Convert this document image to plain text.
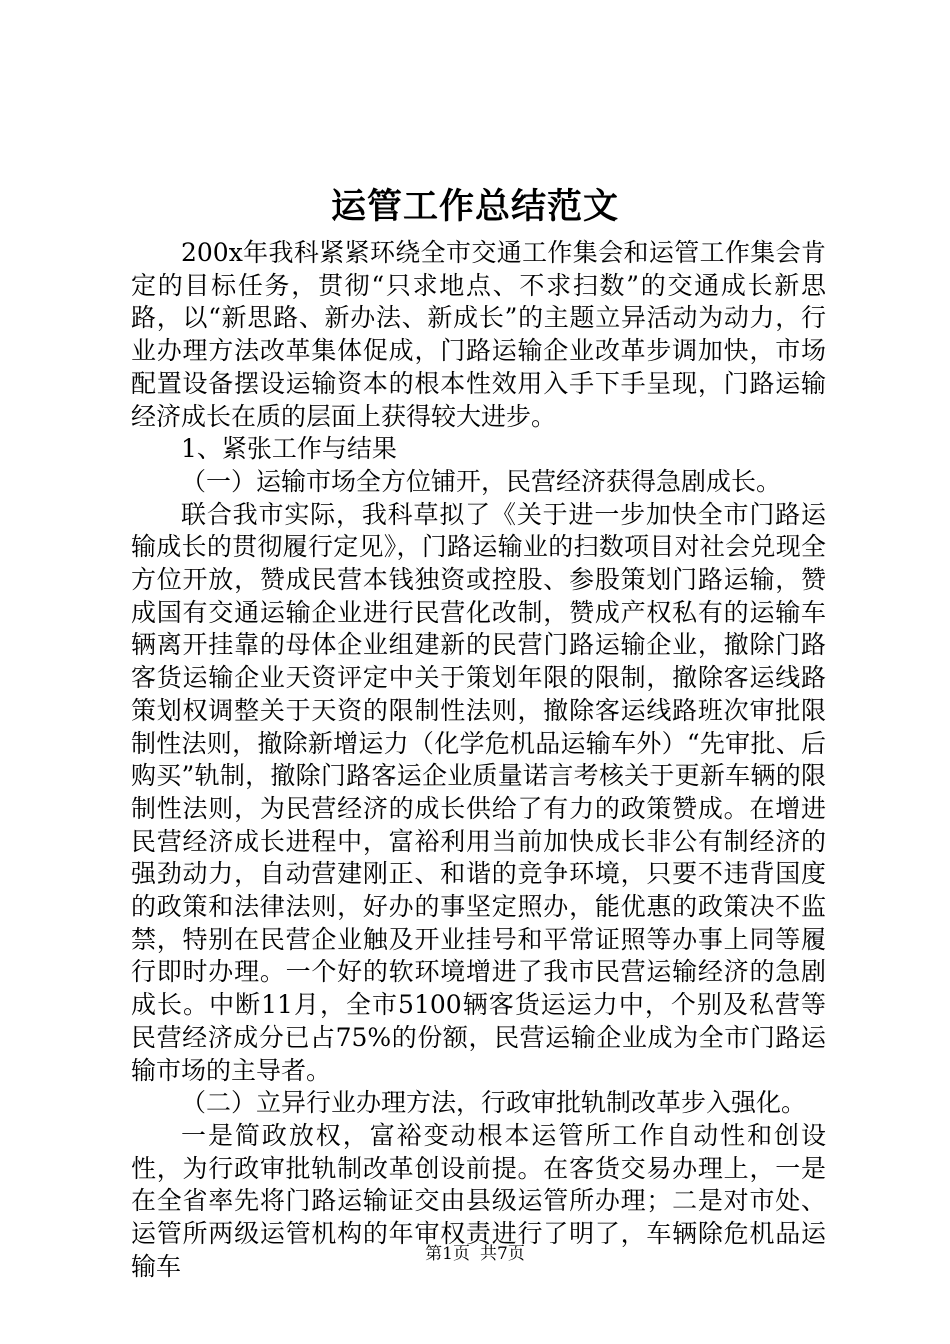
运管工作总结范文

200x年我科紧紧环绕全市交通工作集会和运管工作集会肯定的目标任务，贯彻“只求地点、不求扫数”的交通成长新思路，以“新思路、新办法、新成长”的主题立异活动为动力，行业办理方法改革集体促成，门路运输企业改革步调加快，市场配置设备摆设运输资本的根本性效用入手下手呈现，门路运输经济成长在质的层面上获得较大进步。

1、紧张工作与结果

（一）运输市场全方位铺开，民营经济获得急剧成长。

联合我市实际，我科草拟了《关于进一步加快全市门路运输成长的贯彻履行定见》，门路运输业的扫数项目对社会兑现全方位开放，赞成民营本钱独资或控股、参股策划门路运输，赞成国有交通运输企业进行民营化改制，赞成产权私有的运输车辆离开挂靠的母体企业组建新的民营门路运输企业，撤除门路客货运输企业天资评定中关于策划年限的限制，撤除客运线路策划权调整关于天资的限制性法则，撤除客运线路班次审批限制性法则，撤除新增运力（化学危机品运输车外）“先审批、后购买”轨制，撤除门路客运企业质量诺言考核关于更新车辆的限制性法则，为民营经济的成长供给了有力的政策赞成。在增进民营经济成长进程中，富裕利用当前加快成长非公有制经济的强劲动力，自动营建刚正、和谐的竞争环境，只要不违背国度的政策和法律法则，好办的事坚定照办，能优惠的政策决不监禁，特别在民营企业触及开业挂号和平常证照等办事上同等履行即时办理。一个好的软环境增进了我市民营运输经济的急剧成长。中断11月，全市5100辆客货运运力中，个别及私营等民营经济成分已占75%的份额，民营运输企业成为全市门路运输市场的主导者。

（二）立异行业办理方法，行政审批轨制改革步入强化。

一是简政放权，富裕变动根本运管所工作自动性和创设性，为行政审批轨制改革创设前提。在客货交易办理上，一是在全省率先将门路运输证交由县级运管所办理；二是对市处、运管所两级运管机构的年审权责进行了明了，车辆除危机品运输车	第1页 共7页
